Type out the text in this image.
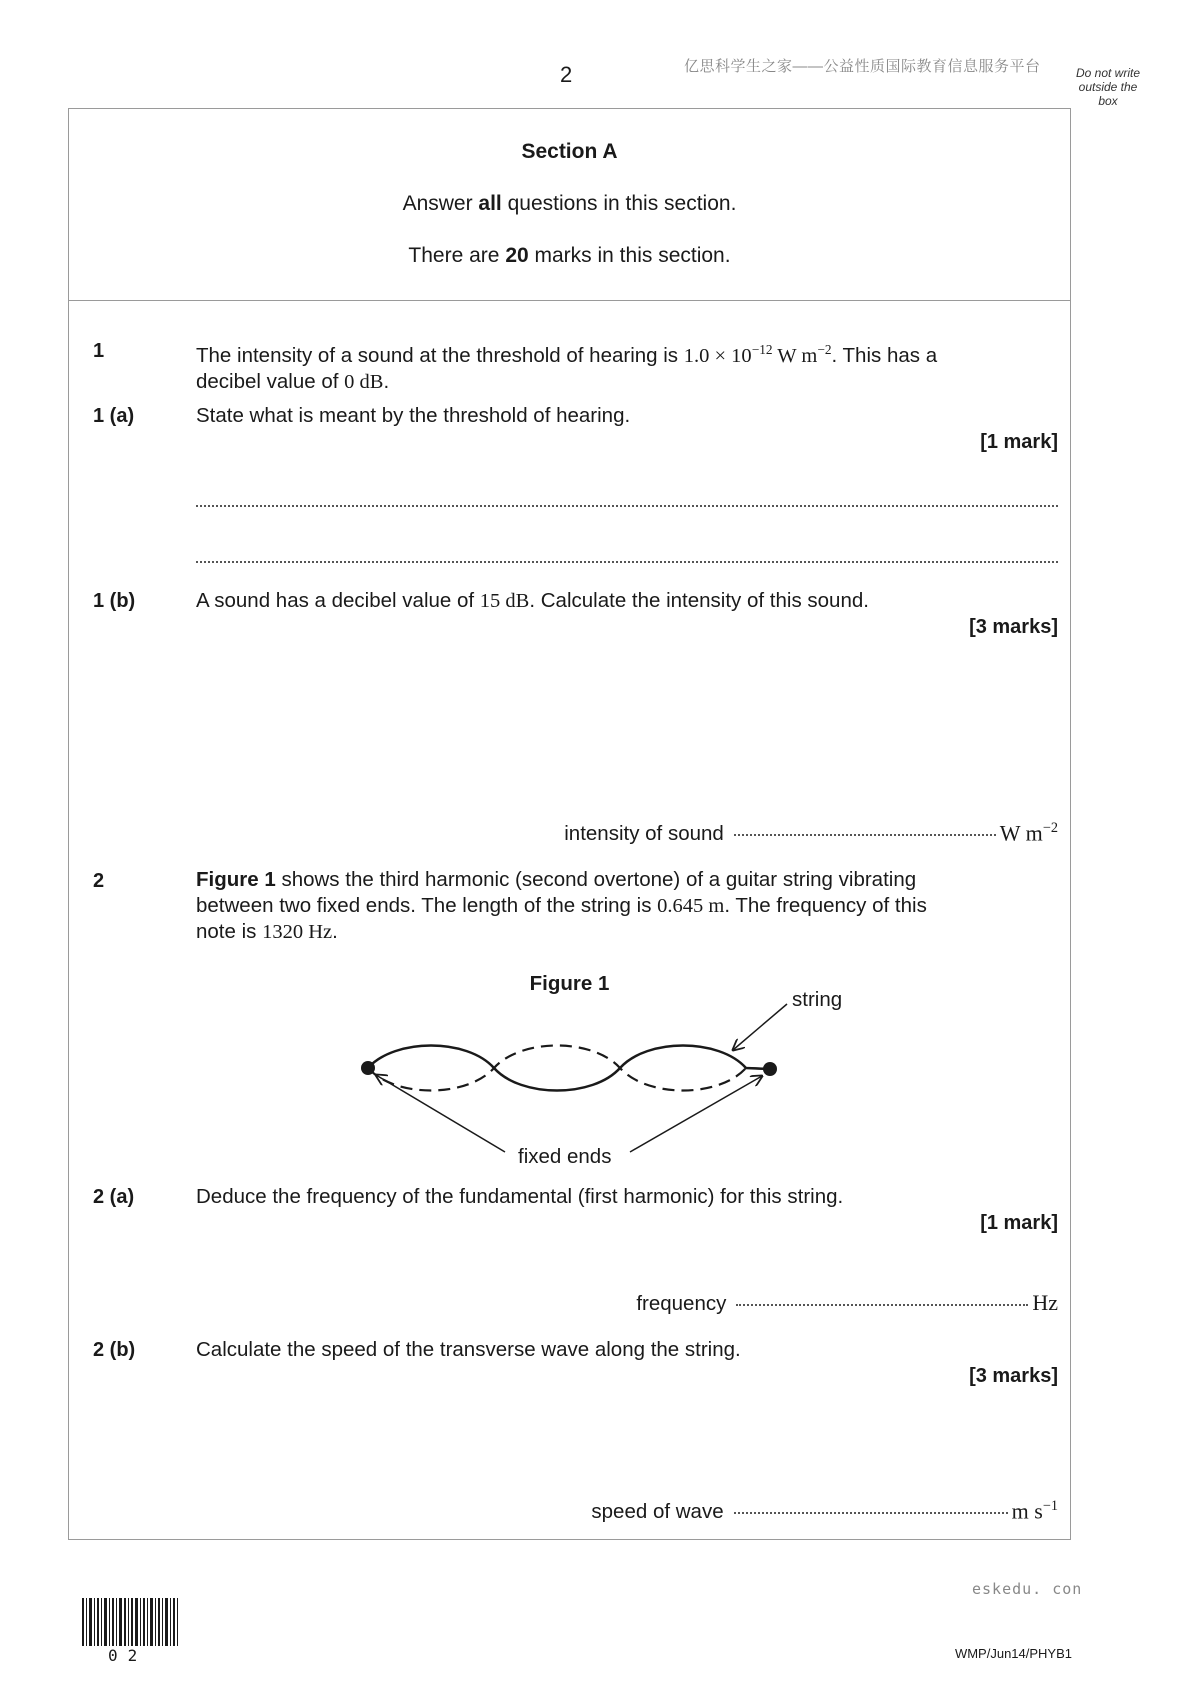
2	亿思科学生之家——公益性质国际教育信息服务平台	Do not write outside the box
Section A
Answer all questions in this section.
There are 20 marks in this section.
1	The intensity of a sound at the threshold of hearing is $1.0 \times 10^{-12}$ W $m^{-2}$. This has a
decibel value of 0 dB.
1 (a)	State what is meant by the threshold of hearing.
[1 mark]
1 (b)	A sound has a decibel value of 15 dB. Calculate the intensity of this sound.
[3 marks]
intensity of sound	W $m^{-2}$
2	Figure 1 shows the third harmonic (second overtone) of a guitar string vibrating
between two fixed ends. The length of the string is 0.645 m. The frequency of this
note is 1320 Hz.
Figure 1
string
fixed ends
2 (a)	Deduce the frequency of the fundamental (first harmonic) for this string.
[1 mark]
frequency	Hz
2 (b)	Calculate the speed of the transverse wave along the string.
[3 marks]
speed of wave	m $s^{-1}$
eskedu. con
02	WMP/Jun14/PHYB1
